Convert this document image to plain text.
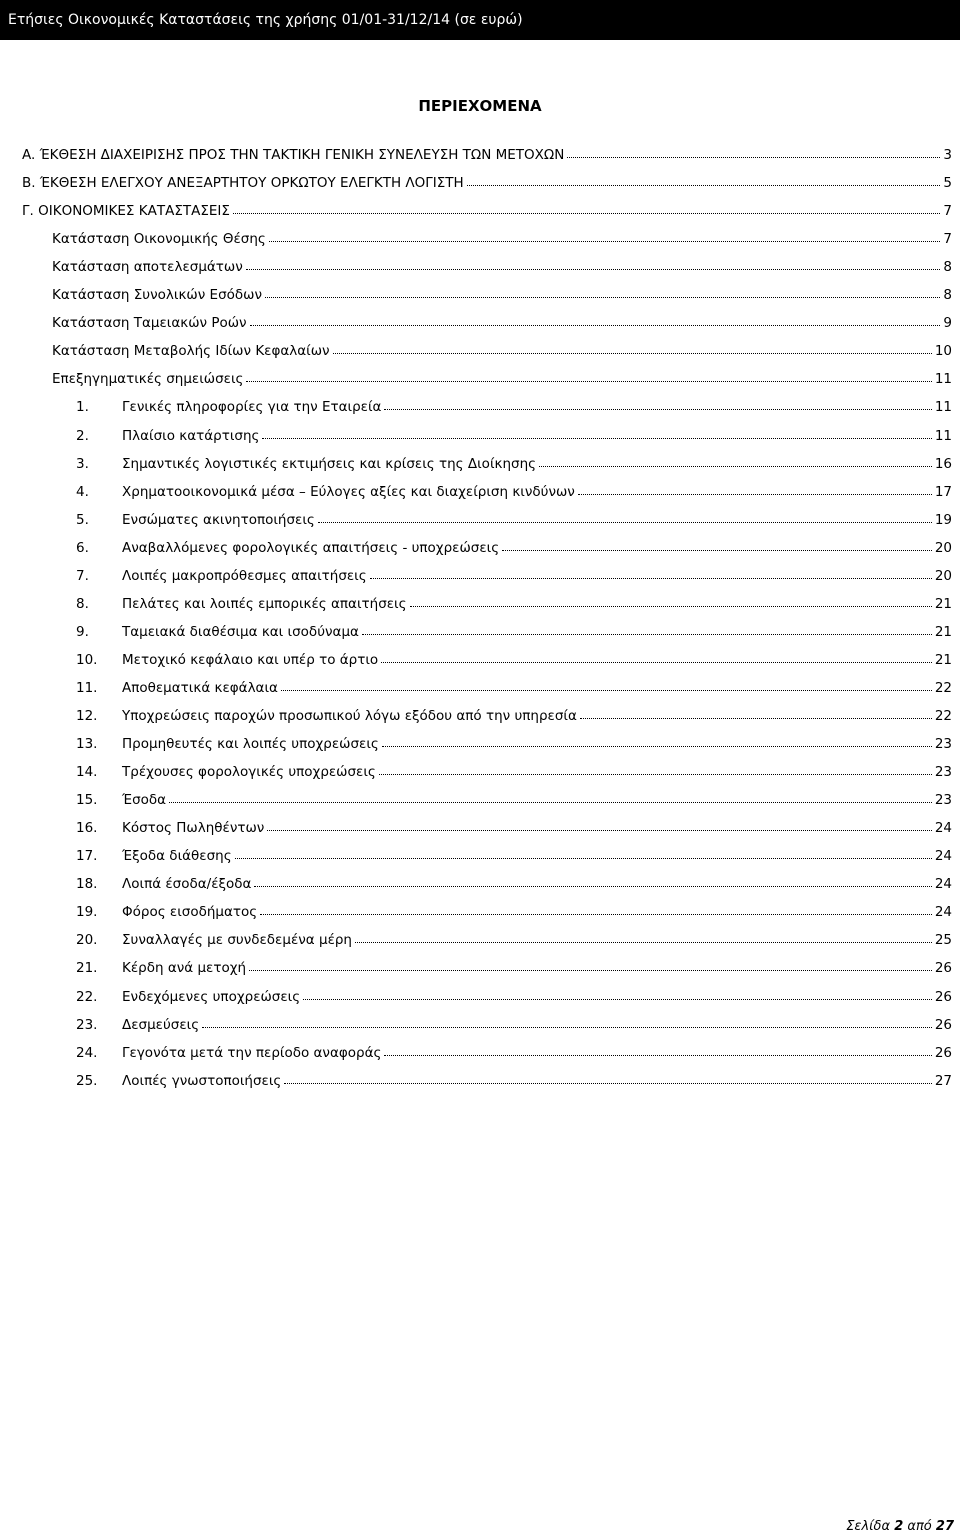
Ετήσιες Οικονομικές Καταστάσεις της χρήσης 01/01-31/12/14 (σε ευρώ)
ΠΕΡΙΕΧΟΜΕΝΑ
A. ΈΚΘΕΣΗ ΔΙΑΧΕΙΡΙΣΗΣ ΠΡΟΣ ΤΗΝ ΤΑΚΤΙΚΗ ΓΕΝΙΚΗ ΣΥΝΕΛΕΥΣΗ ΤΩΝ ΜΕΤΟΧΩΝ	3
B. ΈΚΘΕΣΗ ΕΛΕΓΧΟΥ ΑΝΕΞΑΡΤΗΤΟΥ ΟΡΚΩΤΟΥ ΕΛΕΓΚΤΗ ΛΟΓΙΣΤΗ	5
Γ. ΟΙΚΟΝΟΜΙΚΕΣ ΚΑΤΑΣΤΑΣΕΙΣ	7
Κατάσταση Οικονομικής Θέσης	7
Κατάσταση αποτελεσμάτων	8
Κατάσταση Συνολικών Εσόδων	8
Κατάσταση Ταμειακών Ροών	9
Κατάσταση Μεταβολής Ιδίων Κεφαλαίων	10
Επεξηγηματικές σημειώσεις	11
1.	Γενικές πληροφορίες για την Εταιρεία	11
2.	Πλαίσιο κατάρτισης	11
3.	Σημαντικές λογιστικές εκτιμήσεις και κρίσεις της Διοίκησης	16
4.	Χρηματοοικονομικά μέσα – Εύλογες αξίες και διαχείριση κινδύνων	17
5.	Ενσώματες ακινητοποιήσεις	19
6.	Αναβαλλόμενες φορολογικές απαιτήσεις - υποχρεώσεις	20
7.	Λοιπές μακροπρόθεσμες απαιτήσεις	20
8.	Πελάτες και λοιπές εμπορικές απαιτήσεις	21
9.	Ταμειακά διαθέσιμα και ισοδύναμα	21
10.	Μετοχικό κεφάλαιο και υπέρ το άρτιο	21
11.	Αποθεματικά κεφάλαια	22
12.	Υποχρεώσεις παροχών προσωπικού λόγω εξόδου από την υπηρεσία	22
13.	Προμηθευτές και λοιπές υποχρεώσεις	23
14.	Τρέχουσες φορολογικές υποχρεώσεις	23
15.	Έσοδα	23
16.	Κόστος Πωληθέντων	24
17.	Έξοδα διάθεσης	24
18.	Λοιπά έσοδα/έξοδα	24
19.	Φόρος εισοδήματος	24
20.	Συναλλαγές με συνδεδεμένα μέρη	25
21.	Κέρδη ανά μετοχή	26
22.	Ενδεχόμενες υποχρεώσεις	26
23.	Δεσμεύσεις	26
24.	Γεγονότα μετά την περίοδο αναφοράς	26
25.	Λοιπές γνωστοποιήσεις	27
Σελίδα 2 από 27
